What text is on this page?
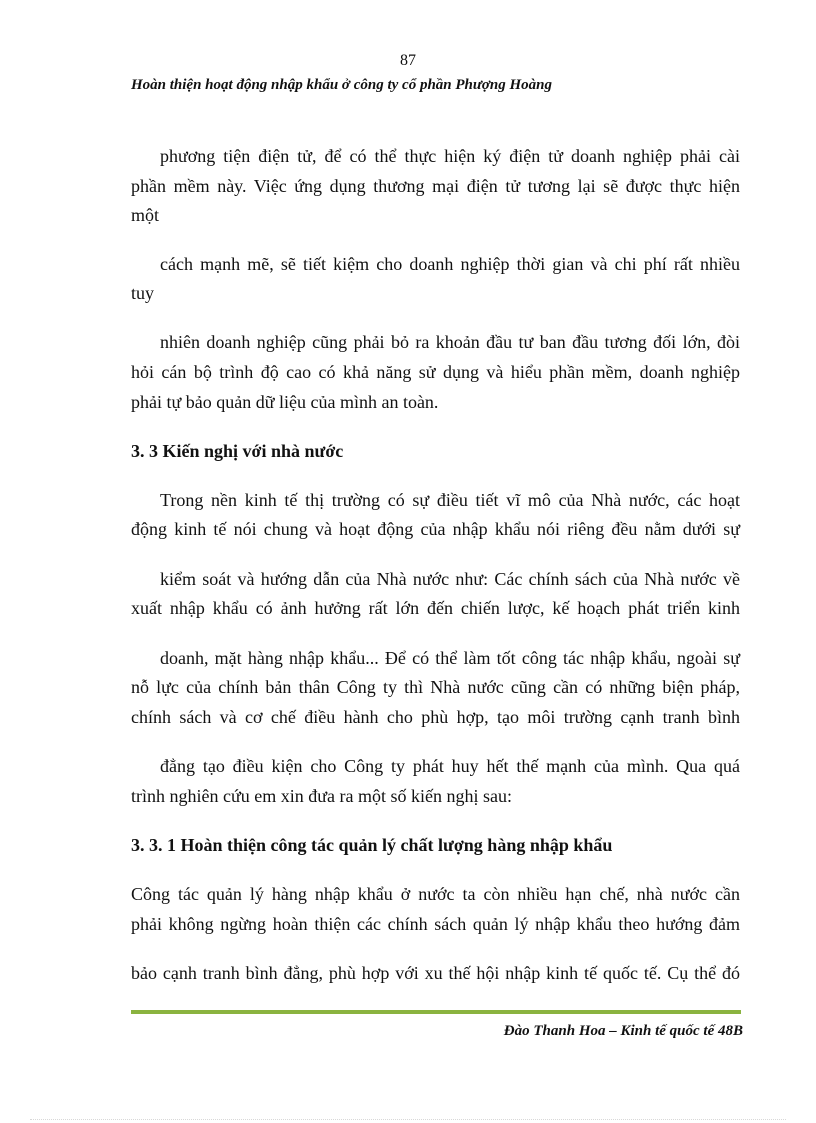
87
Hoàn thiện hoạt động nhập khẩu ở công ty cổ phần Phượng Hoàng
phương tiện điện tử, để có thể thực hiện ký điện tử doanh nghiệp phải cài
phần mềm này. Việc ứng dụng thương mại điện tử tương lại sẽ được thực hiện
một
cách mạnh mẽ, sẽ tiết kiệm cho doanh nghiệp thời gian và chi phí rất nhiều
tuy
nhiên doanh nghiệp cũng phải bỏ ra khoản đầu tư ban đầu tương đối lớn, đòi
hỏi cán bộ trình độ cao có khả năng sử dụng và hiểu phần mềm, doanh nghiệp
phải tự bảo quản dữ liệu của mình an toàn.
3. 3 Kiến nghị với nhà nước
Trong nền kinh tế thị trường có sự điều tiết vĩ mô của Nhà nước, các hoạt
động kinh tế nói chung và hoạt động của nhập khẩu nói riêng đều nằm dưới sự
kiểm soát và hướng dẫn của Nhà nước như: Các chính sách của Nhà nước về
xuất nhập khẩu có ảnh hưởng rất lớn đến chiến lược, kế hoạch phát triển kinh
doanh, mặt hàng nhập khẩu... Để có thể làm tốt công tác nhập khẩu, ngoài sự
nỗ lực của chính bản thân Công ty thì Nhà nước cũng cần có những biện pháp,
chính sách và cơ chế điều hành cho phù hợp, tạo môi trường cạnh tranh bình
đẳng tạo điều kiện cho Công ty phát huy hết thế mạnh của mình. Qua quá
trình nghiên cứu em xin đưa ra một số kiến nghị sau:
3. 3. 1 Hoàn thiện công tác quản lý chất lượng hàng nhập khẩu
Công tác quản lý hàng nhập khẩu ở nước ta còn nhiều hạn chế, nhà nước cần
phải không ngừng hoàn thiện các chính sách quản lý nhập khẩu theo hướng đảm
bảo cạnh tranh bình đẳng, phù hợp với xu thế hội nhập kinh tế quốc tế. Cụ thể đó
Đào Thanh Hoa – Kinh tế quốc tế 48B
